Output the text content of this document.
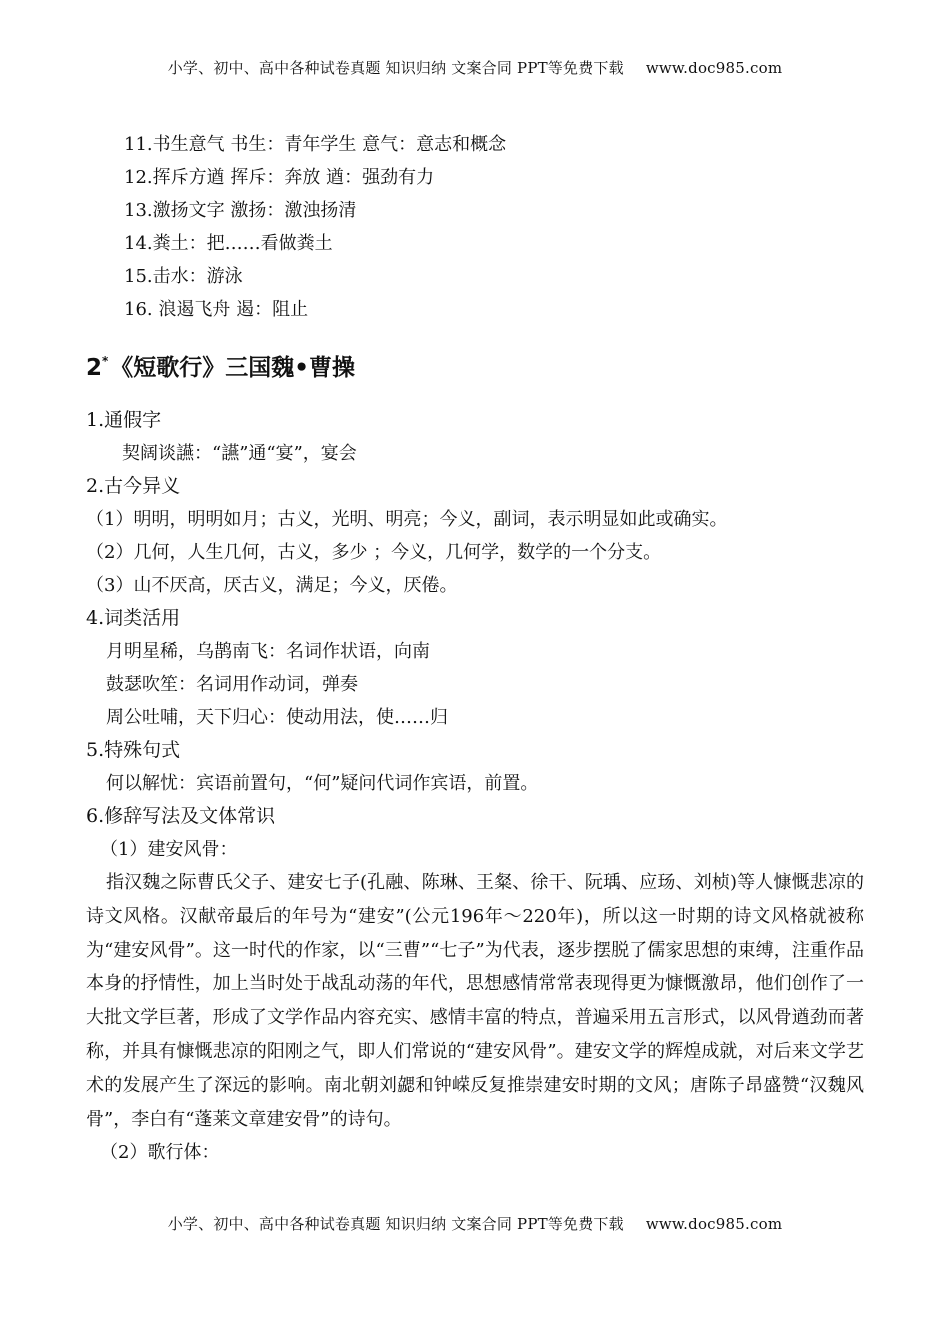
小学、初中、高中各种试卷真题 知识归纳 文案合同 PPT等免费下载 www.doc985.com
11.书生意气 书生：青年学生 意气：意志和概念
12.挥斥方遒 挥斥：奔放 遒：强劲有力
13.激扬文字 激扬：激浊扬清
14.粪土：把……看做粪土
15.击水：游泳
16. 浪遏飞舟 遏：阻止
2*《短歌行》三国魏•曹操
1.通假字
契阔谈讌：“讌”通“宴”，宴会
2.古今异义
（1）明明，明明如月；古义，光明、明亮；今义，副词，表示明显如此或确实。
（2）几何，人生几何，古义，多少 ；今义，几何学，数学的一个分支。
（3）山不厌高，厌古义，满足；今义，厌倦。
4.词类活用
月明星稀，乌鹊南飞：名词作状语，向南
鼓瑟吹笙：名词用作动词，弹奏
周公吐哺，天下归心：使动用法，使……归
5.特殊句式
何以解忧：宾语前置句，“何”疑问代词作宾语，前置。
6.修辞写法及文体常识
（1）建安风骨：

指汉魏之际曹氏父子、建安七子(孔融、陈琳、王粲、徐干、阮瑀、应玚、刘桢)等人慷慨悲凉的诗文风格。汉献帝最后的年号为“建安”(公元196年～220年)，所以这一时期的诗文风格就被称为“建安风骨”。这一时代的作家，以“三曹”“七子”为代表，逐步摆脱了儒家思想的束缚，注重作品本身的抒情性，加上当时处于战乱动荡的年代，思想感情常常表现得更为慷慨激昂，他们创作了一大批文学巨著，形成了文学作品内容充实、感情丰富的特点，普遍采用五言形式，以风骨遒劲而著称，并具有慷慨悲凉的阳刚之气，即人们常说的“建安风骨”。建安文学的辉煌成就，对后来文学艺术的发展产生了深远的影响。南北朝刘勰和钟嵘反复推崇建安时期的文风；唐陈子昂盛赞“汉魏风骨”，李白有“蓬莱文章建安骨”的诗句。

（2）歌行体：
小学、初中、高中各种试卷真题 知识归纳 文案合同 PPT等免费下载 www.doc985.com
